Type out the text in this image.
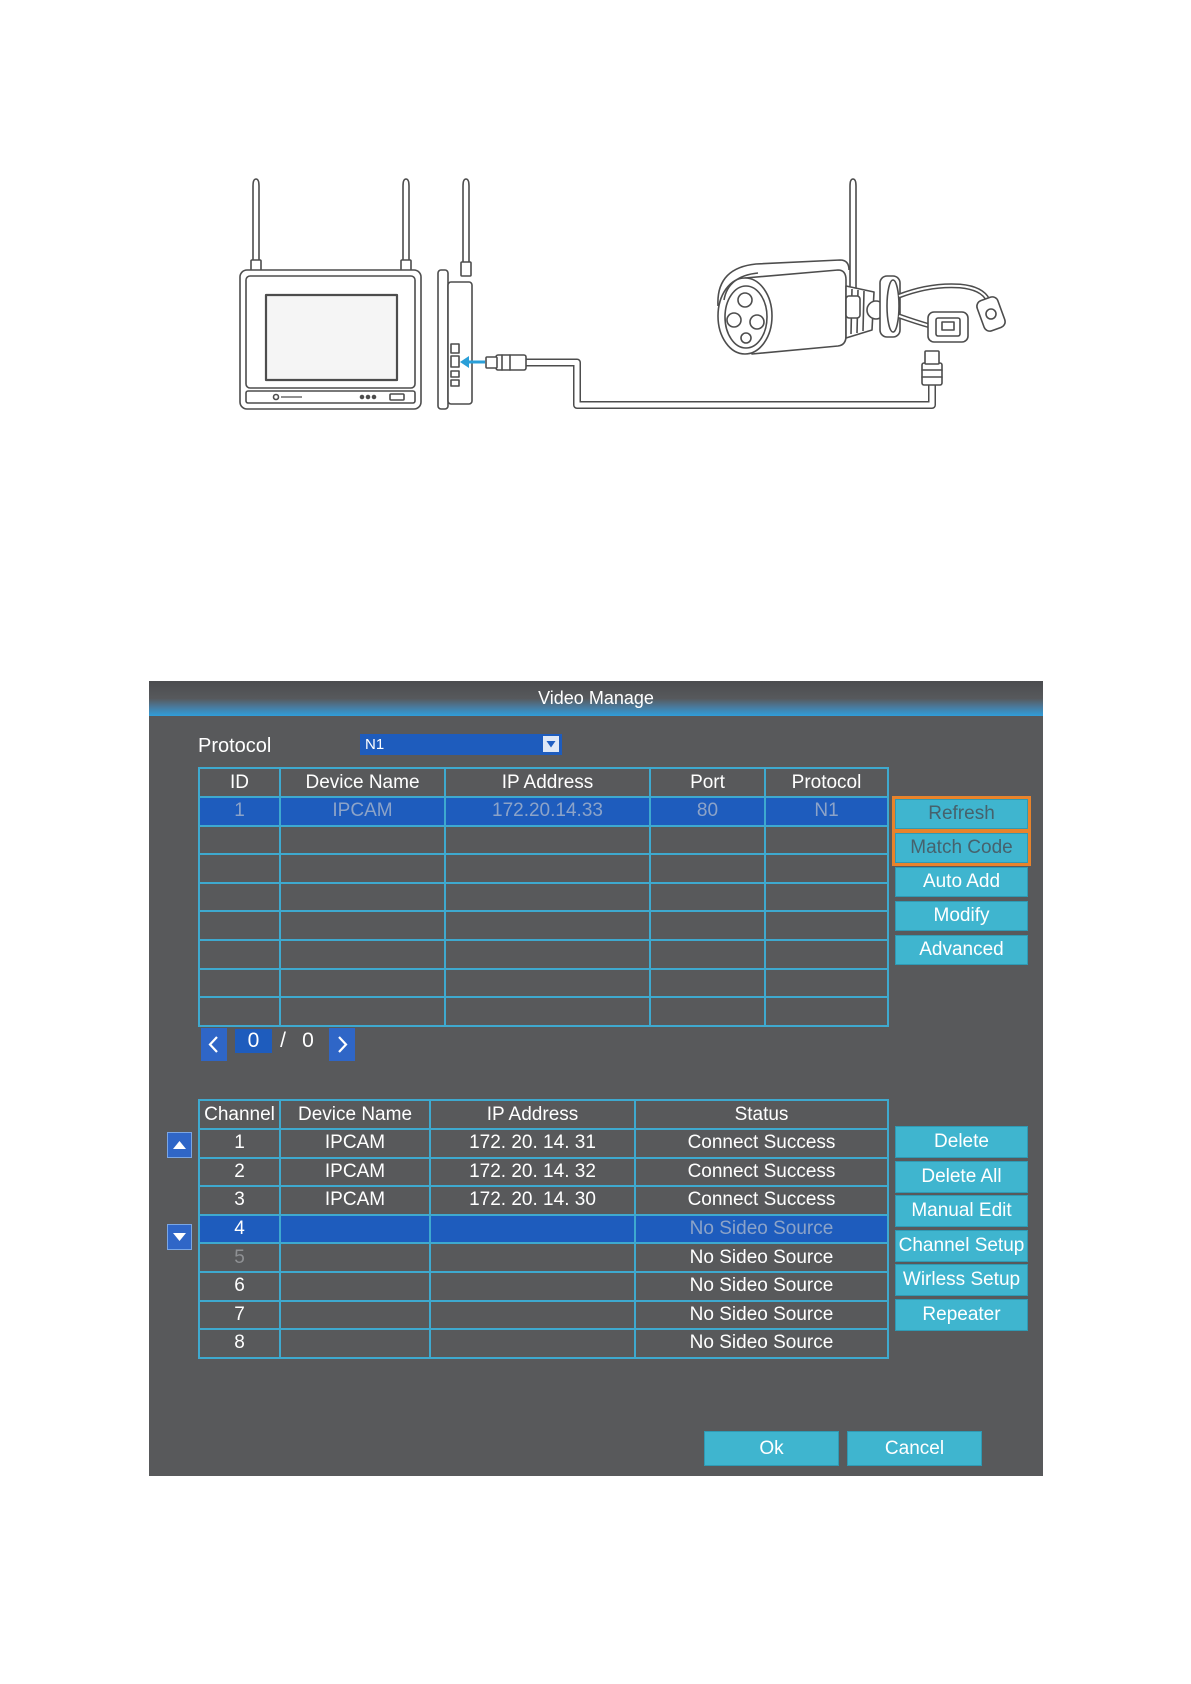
Video Manage
Protocol	N1
ID	Device Name	IP Address	Port	Protocol
1	IPCAM	172.20.14.33	80	N1

					Refresh
Match Code
Auto Add
Modify
Advanced
0 / 0
Channel	Device Name	IP Address	Status
1	IPCAM	172. 20. 14. 31	Connect Success
2	IPCAM	172. 20. 14. 32	Connect Success
3	IPCAM	172. 20. 14. 30	Connect Success
4			No Sideo Source
5			No Sideo Source
6			No Sideo Source
7			No Sideo Source
8			No Sideo Source
Delete
Delete All
Manual Edit
Channel Setup
Wirless Setup
Repeater
Ok	Cancel
